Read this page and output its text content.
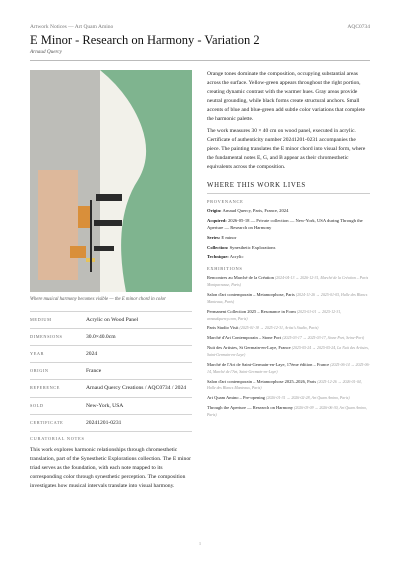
Artwork Notices — Art Quam Amino	AQC0734
E Minor - Research on Harmony - Variation 2
Arnaud Quercy
Where musical harmony becomes visible — the E minor chord in color
MEDIUM	Acrylic on Wood Panel
DIMENSIONS	30.0×40.0cm
YEAR	2024
ORIGIN	France
REFERENCE	Arnaud Quercy Creations / AQC0734 / 2024
SOLD	New-York, USA
CERTIFICATE	20241201-0231
CURATORIAL NOTES
This work explores harmonic relationships through chromesthetic translation, part of the Synesthetic Explorations collection. The E minor triad serves as the foundation, with each note mapped to its corresponding color through synesthetic perception. The composition investigates how musical intervals translate into visual harmony.

Orange tones dominate the composition, occupying substantial areas across the surface. Yellow-green appears throughout the right portion, creating dynamic contrast with the warmer hues. Gray areas provide neutral grounding, while black forms create structural anchors. Small accents of blue and blue-green add subtle color variations that complete the harmonic palette.

The work measures 30 × 40 cm on wood panel, executed in acrylic. Certificate of authenticity number 20241201-0231 accompanies the piece. The painting translates the E minor chord into visual form, where the fundamental notes E, G, and B appear as their chromesthetic equivalents across the composition.

WHERE THIS WORK LIVES
PROVENANCE
Origin: Arnaud Quercy, Paris, France, 2024
Acquired: 2026-05-18 — Private collection — New-York, USA during Through the Aperture — Research on Harmony
Series: E minor
Collection: Synesthetic Explorations
Technique: Acrylic
EXHIBITIONS
Rencontres au Marché de la Création (2024-04-13 → 2026-12-31, Marché de la Création – Paris Montparnasse, Paris)
Salon d'art contemporain – Metamorphose, Paris (2024-11-26 → 2025-01-05, Halle des Blancs Manteaux, Paris)
Permanent Collection 2025 – Resonance in Form (2025-01-01 → 2025-12-31, arnaudquercy.com, Paris)
Paris Studio Visit (2025-01-18 → 2025-12-31, Artist's Studio, Paris)
Marché d'Art Contemporain – Stone Port (2025-03-17 → 2025-03-17, Stone Port, Seine-Port)
Nuit des Artistes, St Germain-en-Laye, France (2025-05-24 → 2025-05-24, La Nuit des Artistes, Saint-Germain-en-Laye)
Marché de l'Art de Saint-Germain-en-Laye, 17ème édition – France (2025-06-14 → 2025-06-14, Marché de l'Art, Saint-Germain-en-Laye)
Salon d'art contemporain – Metamorphose 2025–2026, Paris (2025-12-26 → 2026-01-04, Halle des Blancs Manteaux, Paris)
Art Quam Amino – Pre-opening (2026-01-31 → 2026-02-28, Art Quam Amino, Paris)
Through the Aperture — Research on Harmony (2026-03-09 → 2026-06-30, Art Quam Amino, Paris)
1
